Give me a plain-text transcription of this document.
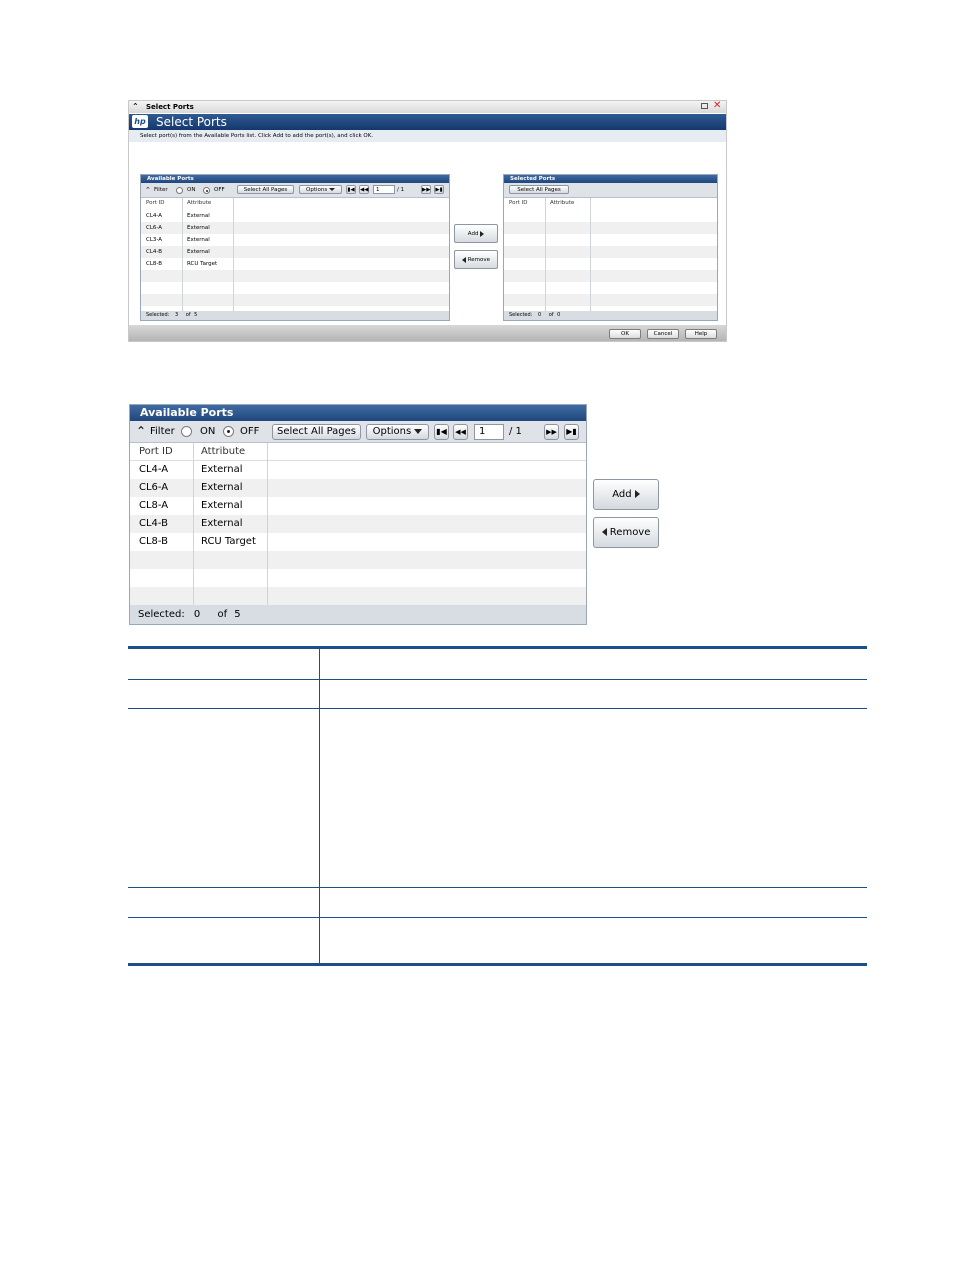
⌃ Select Ports	✕
hp Select Ports
Select port(s) from the Available Ports list. Click Add to add the port(s), and click OK.
Available Ports
⌃ Filter	ON	OFF	Select All Pages	Options	▮◀ ◀◀	1	/ 1	▶▶ ▶▮
Port ID	Attribute
CL4-A	External
CL6-A	External
CL3-A	External
CL4-B	External
CL8-B	RCU Target
Selected: 3 of 5
Add
Remove
Selected Ports
Select All Pages
Port ID	Attribute
Selected: 0 of 0
OK	Cancel	Help
Available Ports
⌃ Filter	ON OFF	Select All Pages	Options	▮◀	◀◀	1	/ 1	▶▶ ▶▮
Port ID	Attribute
CL4-A	External
CL6-A	External
CL8-A	External
CL4-B	External
CL8-B	RCU Target
Selected: 0 of 5
Add
Remove
